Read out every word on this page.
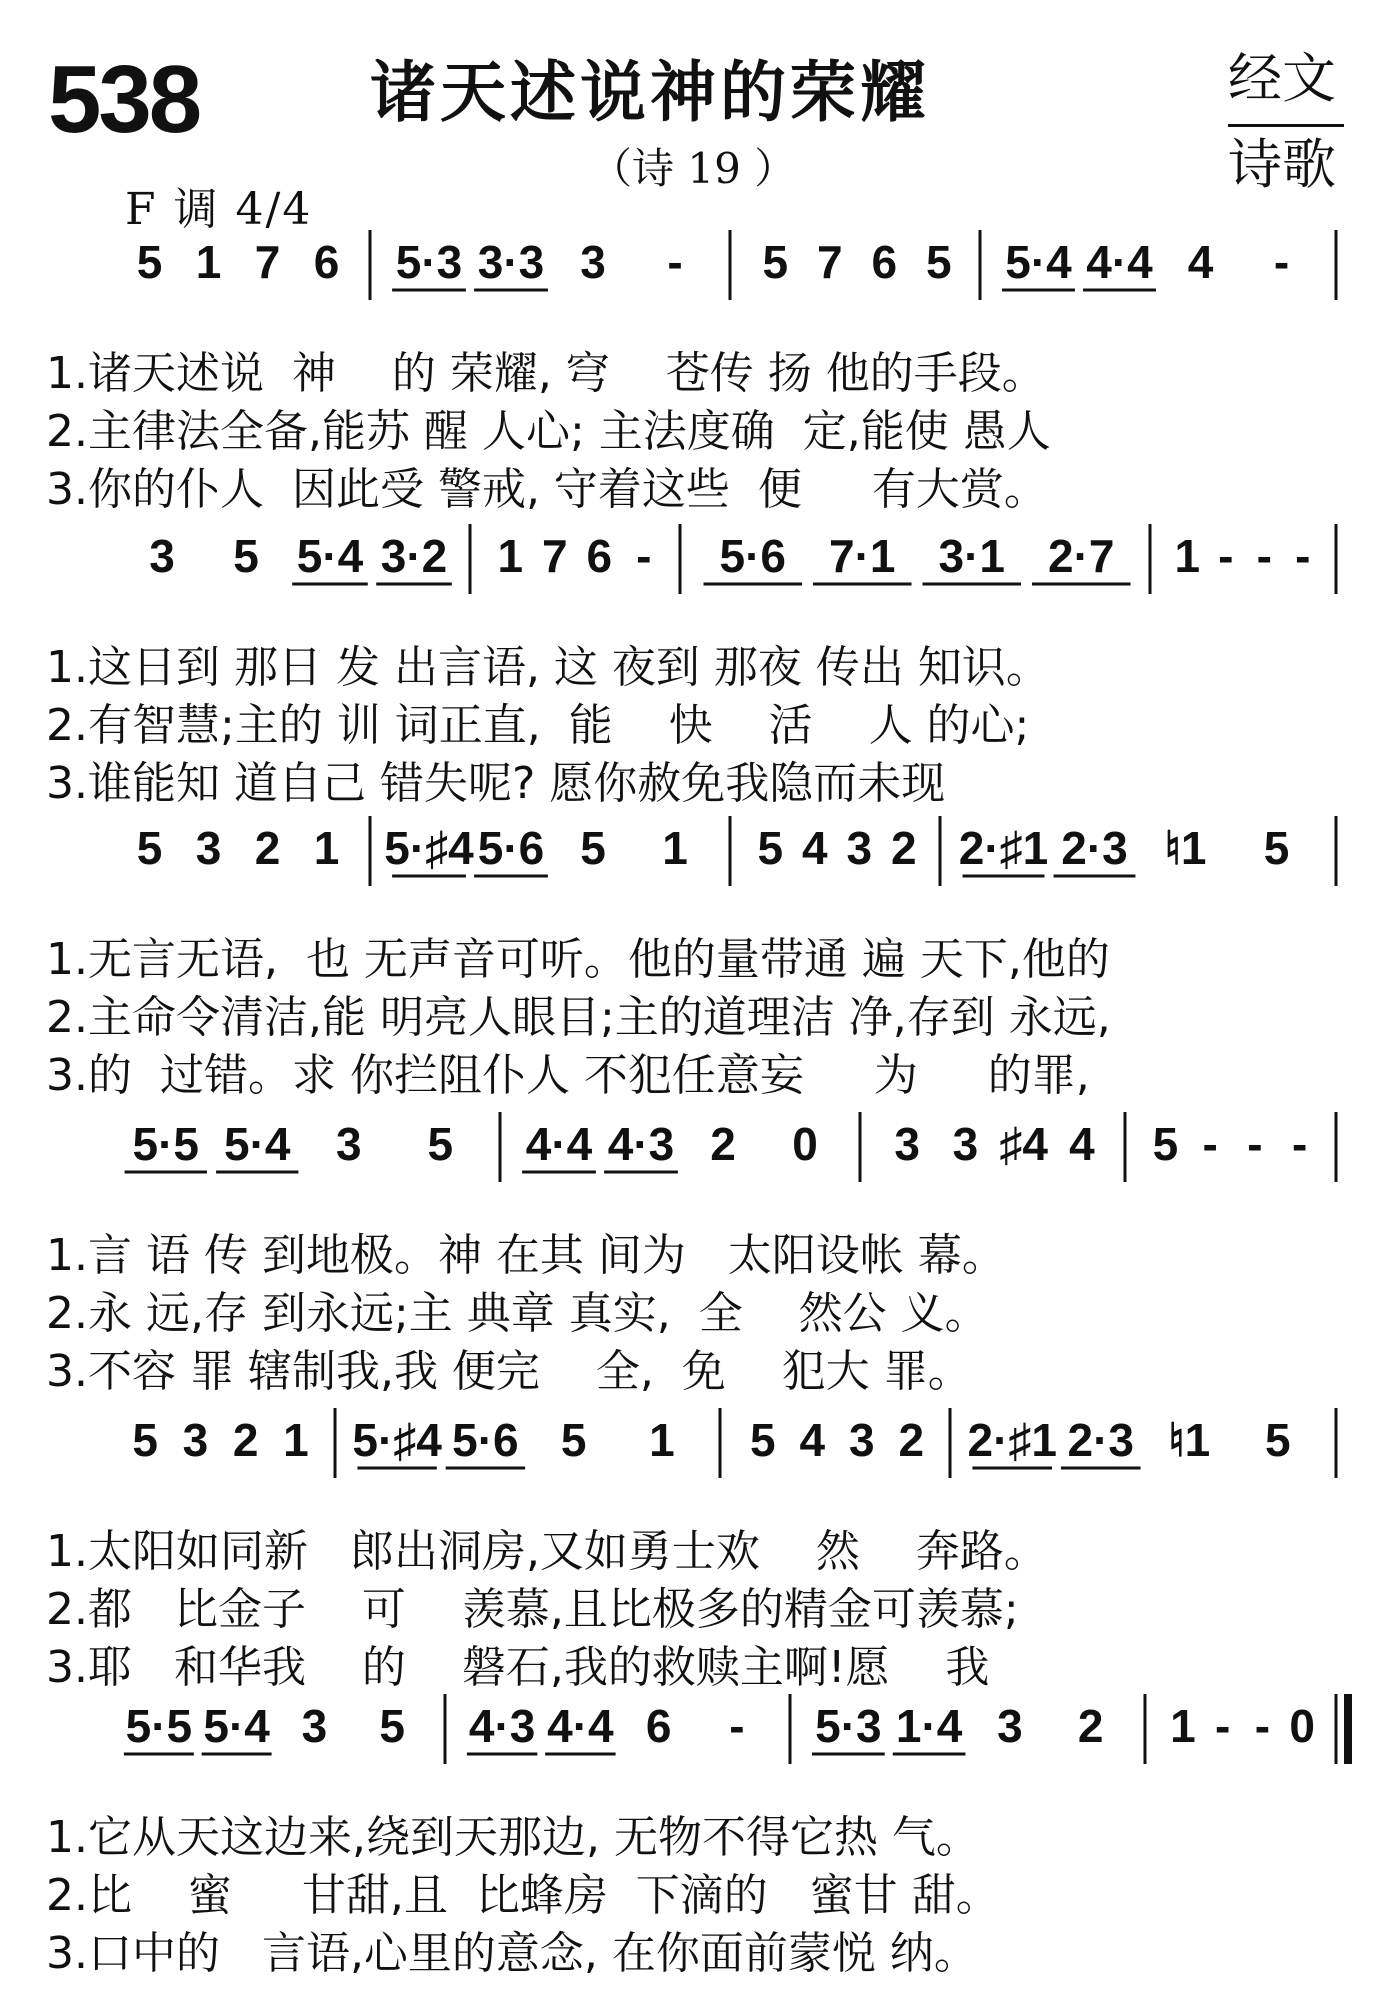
538	诸天述说神的荣耀
（诗 19 ）
F 调 4/4
经文
诗歌
5 1 7 6 5·3 3·3 3 - 5 7 6 5 5·4 4·4 4 -
3 5 5·4 3·2 1 7 6 - 5·6 7·1 3·1 2·7 1 - - -
5 3 2 1 5·♯4 5·6 5 1 5 4 3 2 2·♯1 2·3 ♮1 5
5·5 5·4 3 5 4·4 4·3 2 0 3 3 ♯4 4 5 - - -
5 3 2 1 5·♯4 5·6 5 1 5 4 3 2 2·♯1 2·3 ♮1 5
5·5 5·4 3 5 4·3 4·4 6 - 5·3 1·4 3 2 1 - - 0
1.诸天述说  神    的 荣耀, 穹    苍传 扬 他的手段。
2.主律法全备,能苏 醒 人心; 主法度确  定,能使 愚人
3.你的仆人  因此受 警戒, 守着这些  便     有大赏。
1.这日到 那日 发 出言语, 这 夜到 那夜 传出 知识。
2.有智慧;主的 训 词正直,  能    快    活    人 的心;
3.谁能知 道自己 错失呢? 愿你赦免我隐而未现
1.无言无语,  也 无声音可听。他的量带通 遍 天下,他的
2.主命令清洁,能 明亮人眼目;主的道理洁 净,存到 永远,
3.的  过错。求 你拦阻仆人 不犯任意妄     为     的罪,
1.言 语 传 到地极。神 在其 间为   太阳设帐 幕。
2.永 远,存 到永远;主 典章 真实,  全    然公 义。
3.不容 罪 辖制我,我 便完    全,  免    犯大 罪。
1.太阳如同新   郎出洞房,又如勇士欢    然    奔路。
2.都   比金子    可    羡慕,且比极多的精金可羡慕;
3.耶   和华我    的    磐石,我的救赎主啊!愿    我
1.它从天这边来,绕到天那边, 无物不得它热 气。
2.比    蜜     甘甜,且  比蜂房  下滴的   蜜甘 甜。
3.口中的   言语,心里的意念, 在你面前蒙悦 纳。
